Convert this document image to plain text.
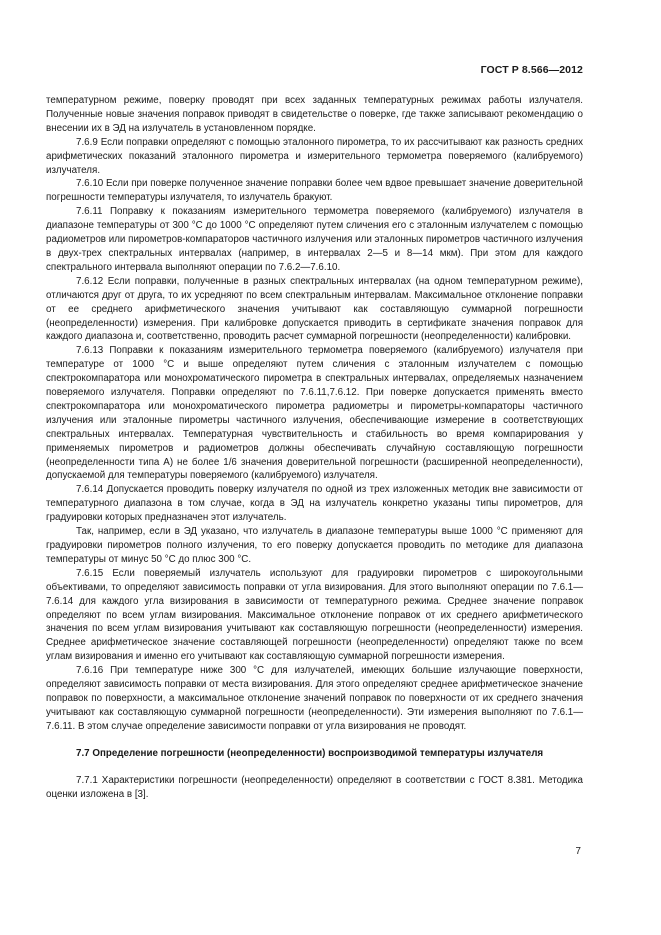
ГОСТ Р 8.566—2012

температурном режиме, поверку проводят при всех заданных температурных режимах работы излучателя. Полученные новые значения поправок приводят в свидетельстве о поверке, где также записывают рекомендацию о внесении их в ЭД на излучатель в установленном порядке.

7.6.9 Если поправки определяют с помощью эталонного пирометра, то их рассчитывают как разность средних арифметических показаний эталонного пирометра и измерительного термометра поверяемого (калибруемого) излучателя.

7.6.10 Если при поверке полученное значение поправки более чем вдвое превышает значение доверительной погрешности температуры излучателя, то излучатель бракуют.

7.6.11 Поправку к показаниям измерительного термометра поверяемого (калибруемого) излучателя в диапазоне температуры от 300 °С до 1000 °С определяют путем сличения его с эталонным излучателем с помощью радиометров или пирометров-компараторов частичного излучения или эталонных пирометров частичного излучения в двух-трех спектральных интервалах (например, в интервалах 2—5 и 8—14 мкм). При этом для каждого спектрального интервала выполняют операции по 7.6.2—7.6.10.

7.6.12 Если поправки, полученные в разных спектральных интервалах (на одном температурном режиме), отличаются друг от друга, то их усредняют по всем спектральным интервалам. Максимальное отклонение поправки от ее среднего арифметического значения учитывают как составляющую суммарной погрешности (неопределенности) измерения. При калибровке допускается приводить в сертификате значения поправок для каждого диапазона и, соответственно, проводить расчет суммарной погрешности (неопределенности) калибровки.

7.6.13 Поправки к показаниям измерительного термометра поверяемого (калибруемого) излучателя при температуре от 1000 °С и выше определяют путем сличения с эталонным излучателем с помощью спектрокомпаратора или монохроматического пирометра в спектральных интервалах, определяемых назначением поверяемого излучателя. Поправки определяют по 7.6.11,7.6.12. При поверке допускается применять вместо спектрокомпаратора или монохроматического пирометра радиометры и пирометры-компараторы частичного излучения или эталонные пирометры частичного излучения, обеспечивающие измерение в соответствующих спектральных интервалах. Температурная чувствительность и стабильность во время компарирования у применяемых пирометров и радиометров должны обеспечивать случайную составляющую погрешности (неопределенности типа А) не более 1/6 значения доверительной погрешности (расширенной неопределенности), допускаемой для температуры поверяемого (калибруемого) излучателя.

7.6.14 Допускается проводить поверку излучателя по одной из трех изложенных методик вне зависимости от температурного диапазона в том случае, когда в ЭД на излучатель конкретно указаны типы пирометров, для градуировки которых предназначен этот излучатель.

Так, например, если в ЭД указано, что излучатель в диапазоне температуры выше 1000 °С применяют для градуировки пирометров полного излучения, то его поверку допускается проводить по методике для диапазона температуры от минус 50 °С до плюс 300 °С.

7.6.15 Если поверяемый излучатель используют для градуировки пирометров с широкоугольными объективами, то определяют зависимость поправки от угла визирования. Для этого выполняют операции по 7.6.1—7.6.14 для каждого угла визирования в зависимости от температурного режима. Среднее значение поправок определяют по всем углам визирования. Максимальное отклонение поправок от их среднего арифметического значения по всем углам визирования учитывают как составляющую погрешности (неопределенности) измерения. Среднее арифметическое значение составляющей погрешности (неопределенности) определяют также по всем углам визирования и именно его учитывают как составляющую суммарной погрешности измерения.

7.6.16 При температуре ниже 300 °С для излучателей, имеющих большие излучающие поверхности, определяют зависимость поправки от места визирования. Для этого определяют среднее арифметическое значение поправок по поверхности, а максимальное отклонение значений поправок по поверхности от их среднего значения учитывают как составляющую суммарной погрешности (неопределенности). Эти измерения выполняют по 7.6.1—7.6.11. В этом случае определение зависимости поправки от угла визирования не проводят.

7.7 Определение погрешности (неопределенности) воспроизводимой температуры излучателя

7.7.1 Характеристики погрешности (неопределенности) определяют в соответствии с ГОСТ 8.381. Методика оценки изложена в [3].

7
